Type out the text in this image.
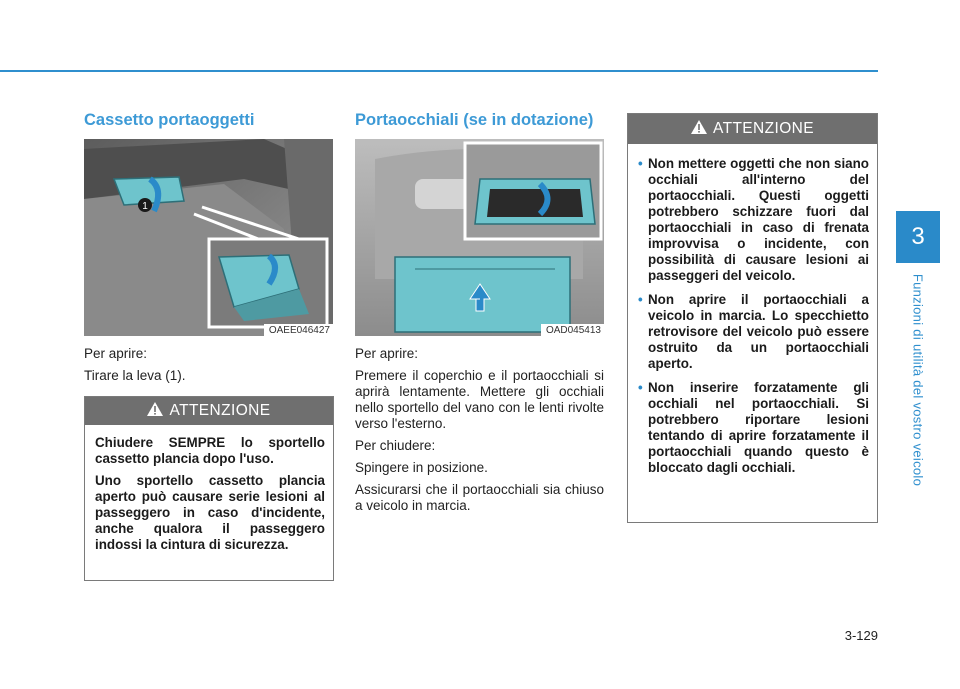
3
Funzioni di utilità del vostro veicolo
Cassetto portaoggetti
1
OAEE046427

Per aprire:

Tirare la leva (1).

ATTENZIONE

Chiudere SEMPRE lo sportello cassetto plancia dopo l'uso.

Uno sportello cassetto plancia aperto può causare serie lesioni al passeggero in caso d'incidente, anche qualora il passeggero indossi la cintura di sicurezza.

Portaocchiali (se in dotazione)
OAD045413

Per aprire:

Premere il coperchio e il portaocchiali si aprirà lentamente. Mettere gli occhiali nello sportello del vano con le lenti rivolte verso l'esterno.

Per chiudere:

Spingere in posizione.

Assicurarsi che il portaocchiali sia chiuso a veicolo in marcia.

ATTENZIONE
• Non mettere oggetti che non siano occhiali all'interno del portaocchiali. Questi oggetti potrebbero schizzare fuori dal portaocchiali in caso di frenata improvvisa o incidente, con possibilità di causare lesioni ai passeggeri del veicolo.
• Non aprire il portaocchiali a veicolo in marcia. Lo specchietto retrovisore del veicolo può essere ostruito da un portaocchiali aperto.
• Non inserire forzatamente gli occhiali nel portaocchiali. Si potrebbero riportare lesioni tentando di aprire forzatamente il portaocchiali quando questo è bloccato dagli occhiali.
3-129
